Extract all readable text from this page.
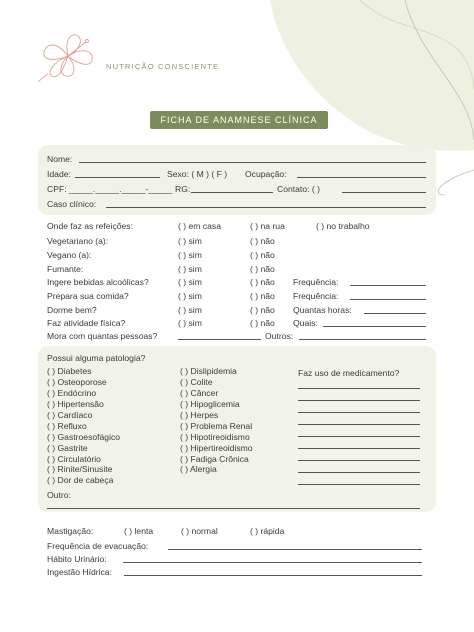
NUTRIÇÃO CONSCIENTE
FICHA DE ANAMNESE CLÍNICA
Nome:
Idade:	Sexo: ( M ) ( F ) Ocupação:
CPF: _____._____._____-_____ RG:	Contato: ( )
Caso clínico:
Onde faz as refeições:	( ) em casa	( ) na rua	( ) no trabalho
Vegetariano (a):	( ) sim	( ) não
Vegano (a):	( ) sim	( ) não
Fumante:	( ) sim	( ) não
Ingere bebidas alcoólicas?	( ) sim	( ) não Frequência:
Prepara sua comida?	( ) sim	( ) não Frequência:
Dorme bem?	( ) sim	( ) não Quantas horas:
Faz atividade física?	( ) sim	( ) não Quais:
Mora com quantas pessoas?	Outros:
Possui alguma patologia?
( ) Diabetes
( ) Osteoporose
( ) Endócrino
( ) Hipertensão
( ) Cardíaco
( ) Refluxo
( ) Gastroesofágico
( ) Gastrite
( ) Circulatório
( ) Rinite/Sinusite
( ) Dor de cabeça
( ) Dislipidemia
( ) Colite
( ) Câncer
( ) Hipoglicemia
( ) Herpes
( ) Problema Renal
( ) Hipotireoidismo
( ) Hipertireoidismo
( ) Fadiga Crônica
( ) Alergia
Faz uso de medicamento?
Outro:
Mastigação:	( ) lenta	( ) normal	( ) rápida
Frequência de evacuação:
Hábito Urinário:
Ingestão Hídrica:
